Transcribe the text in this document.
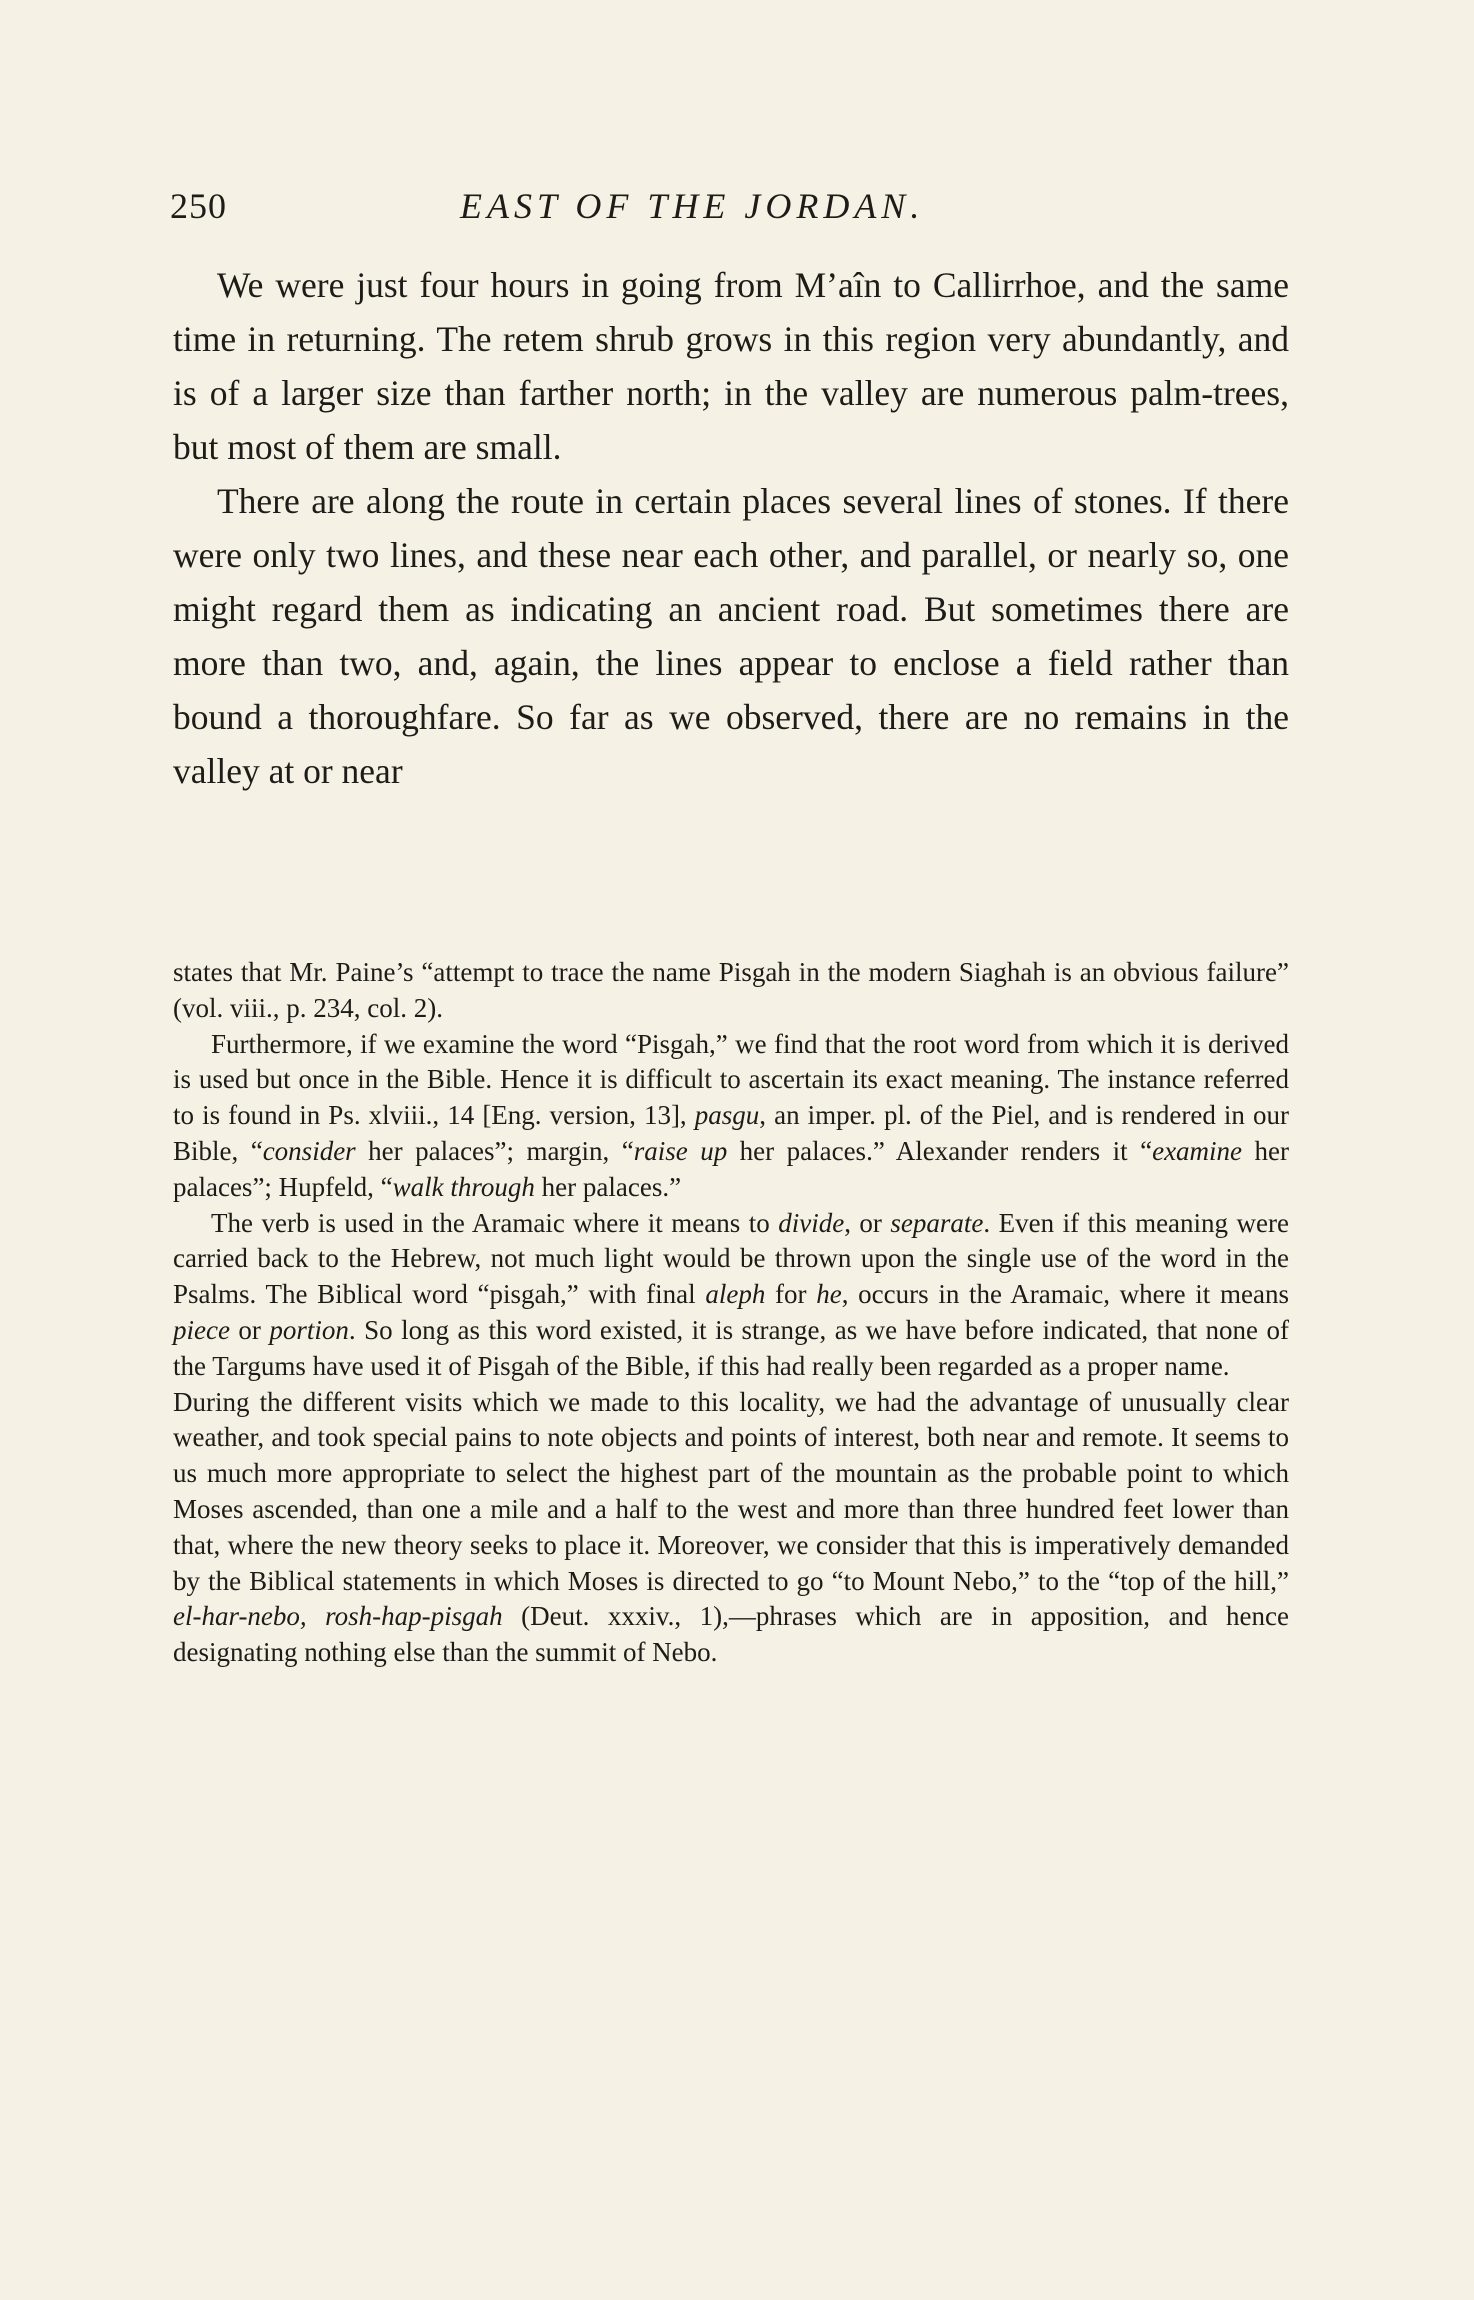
250	EAST OF THE JORDAN.

We were just four hours in going from M’aîn to Callirrhoe, and the same time in returning. The retem shrub grows in this region very abundantly, and is of a larger size than farther north; in the valley are numerous palm-trees, but most of them are small.

There are along the route in certain places several lines of stones. If there were only two lines, and these near each other, and parallel, or nearly so, one might regard them as indicating an ancient road. But sometimes there are more than two, and, again, the lines appear to enclose a field rather than bound a thoroughfare. So far as we observed, there are no remains in the valley at or near

states that Mr. Paine’s “attempt to trace the name Pisgah in the modern Siaghah is an obvious failure” (vol. viii., p. 234, col. 2).

Furthermore, if we examine the word “Pisgah,” we find that the root word from which it is derived is used but once in the Bible. Hence it is difficult to ascertain its exact meaning. The instance referred to is found in Ps. xlviii., 14 [Eng. version, 13], pasgu, an imper. pl. of the Piel, and is rendered in our Bible, “consider her palaces”; margin, “raise up her palaces.” Alexander renders it “examine her palaces”; Hupfeld, “walk through her palaces.”

The verb is used in the Aramaic where it means to divide, or separate. Even if this meaning were carried back to the Hebrew, not much light would be thrown upon the single use of the word in the Psalms. The Biblical word “pisgah,” with final aleph for he, occurs in the Aramaic, where it means piece or portion. So long as this word existed, it is strange, as we have before indicated, that none of the Targums have used it of Pisgah of the Bible, if this had really been regarded as a proper name.

During the different visits which we made to this locality, we had the advantage of unusually clear weather, and took special pains to note objects and points of interest, both near and remote. It seems to us much more appropriate to select the highest part of the mountain as the probable point to which Moses ascended, than one a mile and a half to the west and more than three hundred feet lower than that, where the new theory seeks to place it. Moreover, we consider that this is imperatively demanded by the Biblical statements in which Moses is directed to go “to Mount Nebo,” to the “top of the hill,” el-har-nebo, rosh-hap-pisgah (Deut. xxxiv., 1),—phrases which are in apposition, and hence designating nothing else than the summit of Nebo.
